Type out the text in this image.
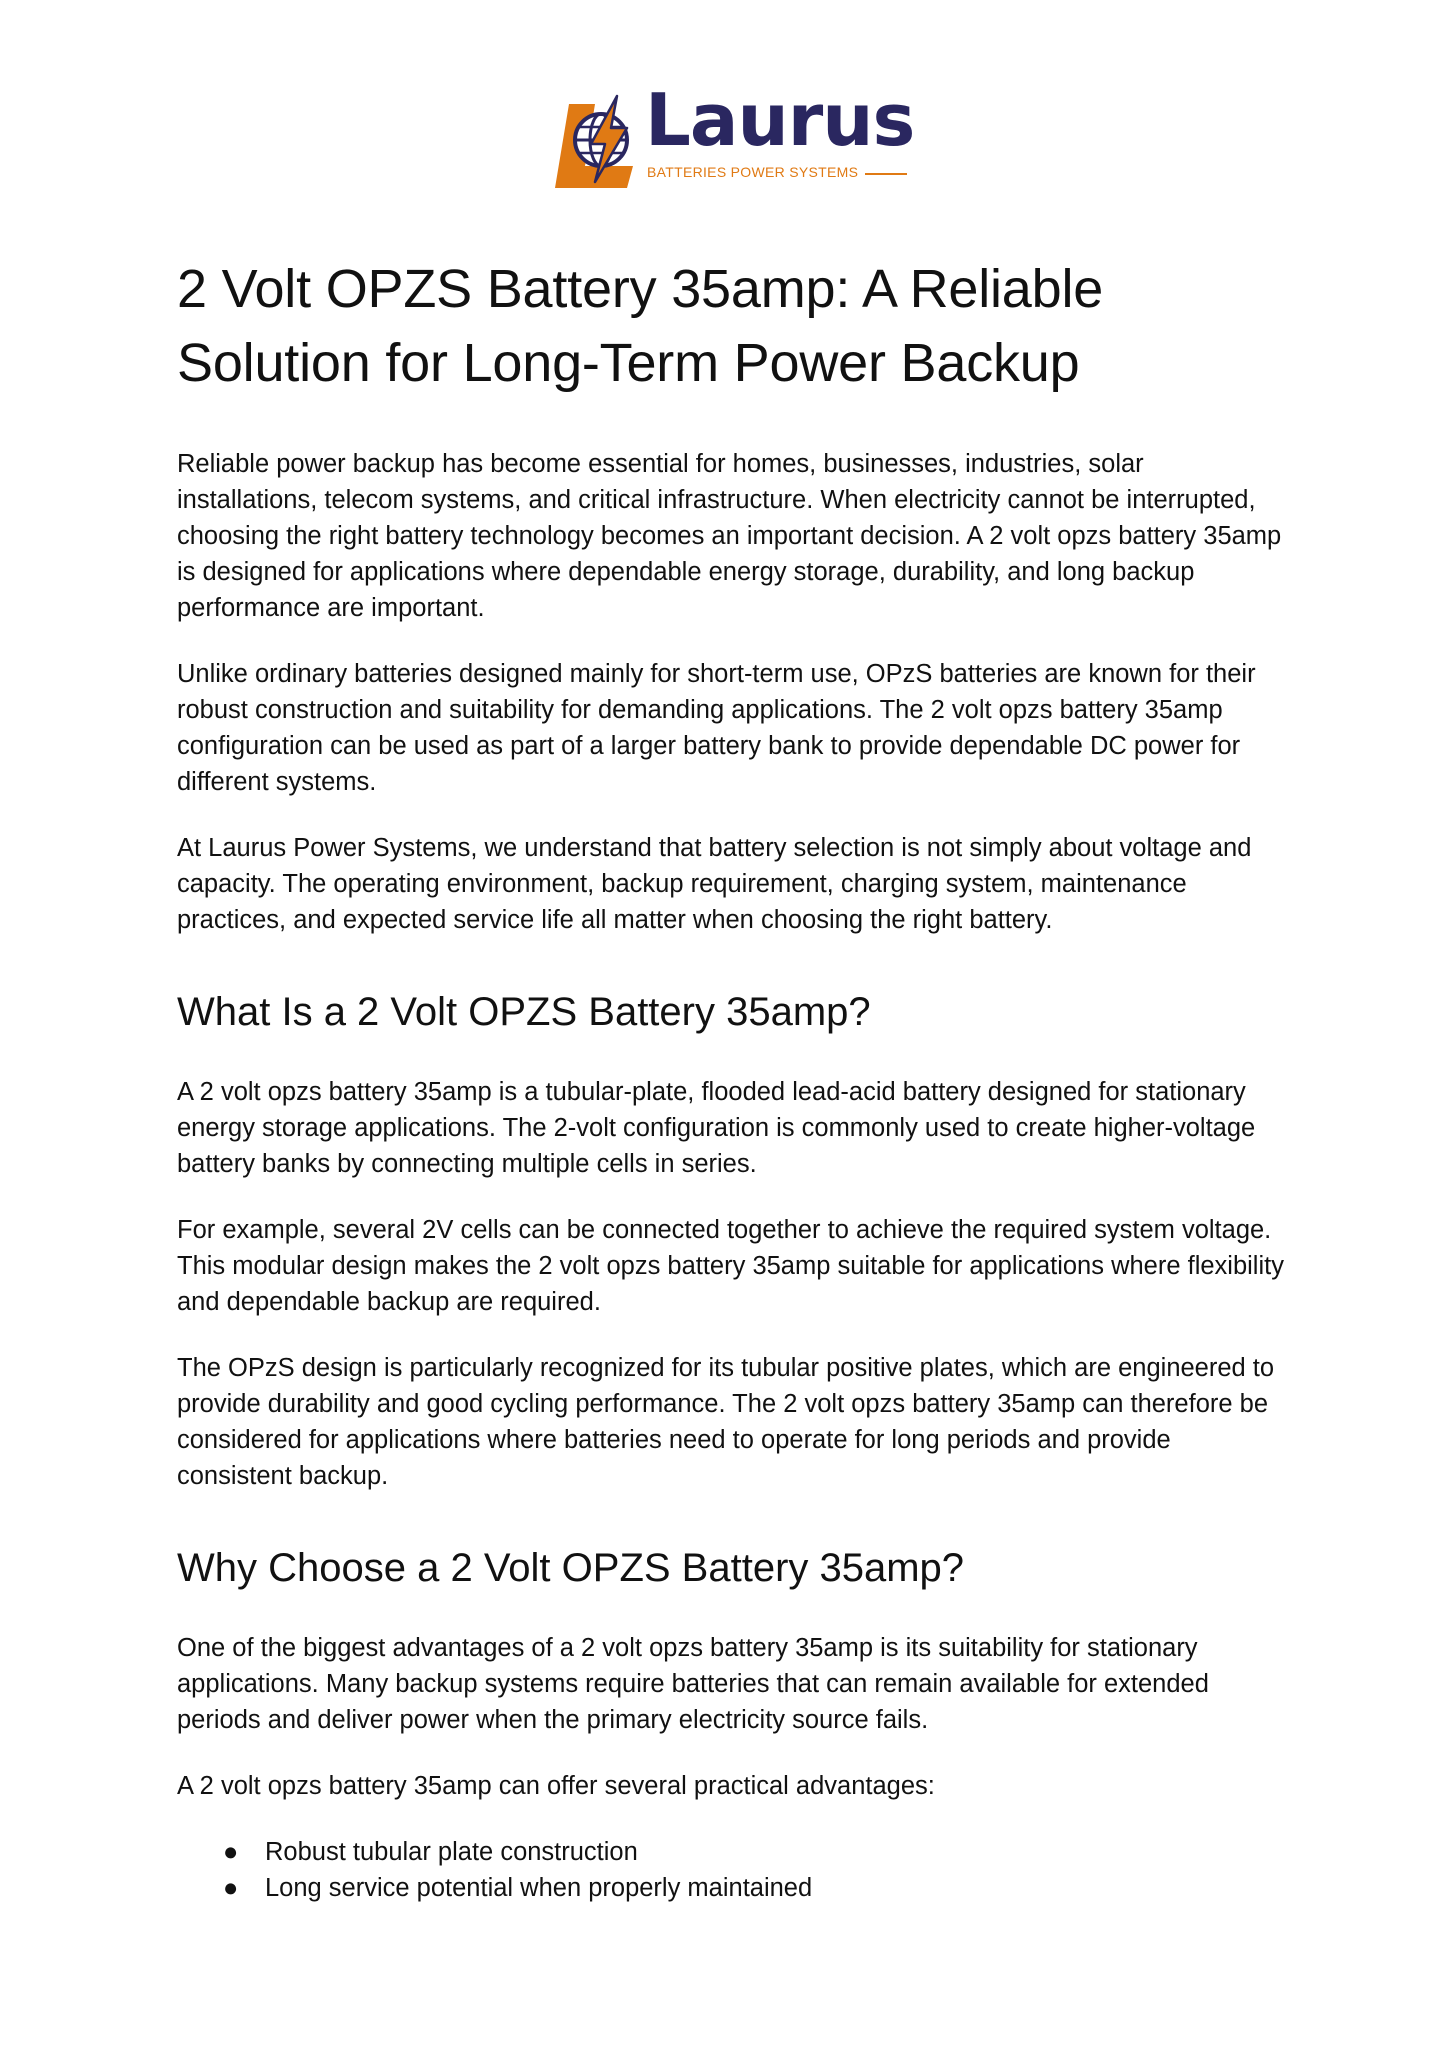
Laurus
BATTERIES POWER SYSTEMS
2 Volt OPZS Battery 35amp: A Reliable Solution for Long-Term Power Backup

Reliable power backup has become essential for homes, businesses, industries, solar installations, telecom systems, and critical infrastructure. When electricity cannot be interrupted, choosing the right battery technology becomes an important decision. A 2 volt opzs battery 35amp is designed for applications where dependable energy storage, durability, and long backup performance are important.

Unlike ordinary batteries designed mainly for short-term use, OPzS batteries are known for their robust construction and suitability for demanding applications. The 2 volt opzs battery 35amp configuration can be used as part of a larger battery bank to provide dependable DC power for different systems.

At Laurus Power Systems, we understand that battery selection is not simply about voltage and capacity. The operating environment, backup requirement, charging system, maintenance practices, and expected service life all matter when choosing the right battery.

What Is a 2 Volt OPZS Battery 35amp?

A 2 volt opzs battery 35amp is a tubular-plate, flooded lead-acid battery designed for stationary energy storage applications. The 2-volt configuration is commonly used to create higher-voltage battery banks by connecting multiple cells in series.

For example, several 2V cells can be connected together to achieve the required system voltage. This modular design makes the 2 volt opzs battery 35amp suitable for applications where flexibility and dependable backup are required.

The OPzS design is particularly recognized for its tubular positive plates, which are engineered to provide durability and good cycling performance. The 2 volt opzs battery 35amp can therefore be considered for applications where batteries need to operate for long periods and provide consistent backup.

Why Choose a 2 Volt OPZS Battery 35amp?

One of the biggest advantages of a 2 volt opzs battery 35amp is its suitability for stationary applications. Many backup systems require batteries that can remain available for extended periods and deliver power when the primary electricity source fails.

A 2 volt opzs battery 35amp can offer several practical advantages:

● Robust tubular plate construction
● Long service potential when properly maintained
